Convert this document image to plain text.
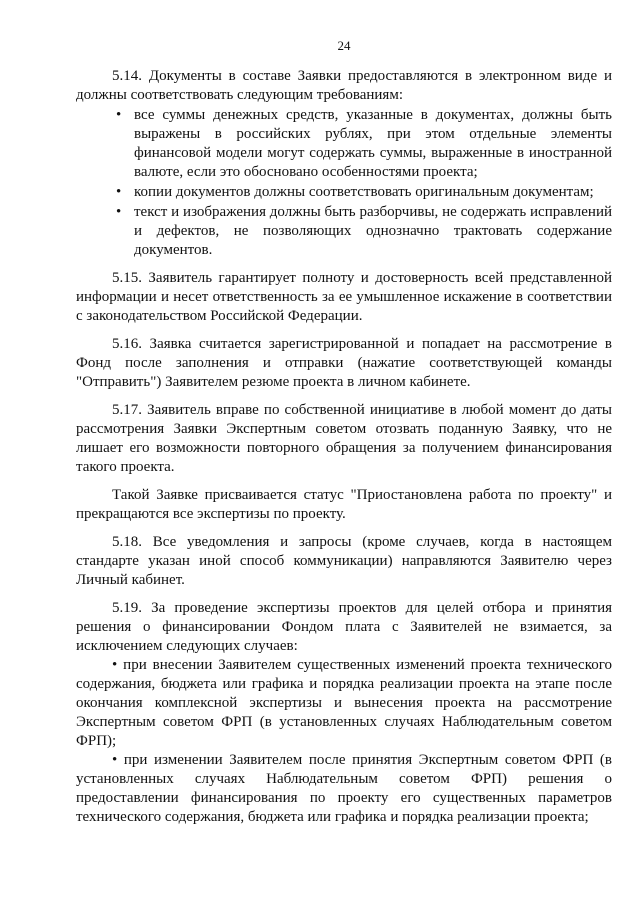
24

5.14. Документы в составе Заявки предоставляются в электронном виде и должны соответствовать следующим требованиям:

• все суммы денежных средств, указанные в документах, должны быть выражены в российских рублях, при этом отдельные элементы финансовой модели могут содержать суммы, выраженные в иностранной валюте, если это обосновано особенностями проекта;
• копии документов должны соответствовать оригинальным документам;
• текст и изображения должны быть разборчивы, не содержать исправлений и дефектов, не позволяющих однозначно трактовать содержание документов.

5.15. Заявитель гарантирует полноту и достоверность всей представленной информации и несет ответственность за ее умышленное искажение в соответствии с законодательством Российской Федерации.

5.16. Заявка считается зарегистрированной и попадает на рассмотрение в Фонд после заполнения и отправки (нажатие соответствующей команды "Отправить") Заявителем резюме проекта в личном кабинете.

5.17. Заявитель вправе по собственной инициативе в любой момент до даты рассмотрения Заявки Экспертным советом отозвать поданную Заявку, что не лишает его возможности повторного обращения за получением финансирования такого проекта.

Такой Заявке присваивается статус "Приостановлена работа по проекту" и прекращаются все экспертизы по проекту.

5.18. Все уведомления и запросы (кроме случаев, когда в настоящем стандарте указан иной способ коммуникации) направляются Заявителю через Личный кабинет.

5.19. За проведение экспертизы проектов для целей отбора и принятия решения о финансировании Фондом плата с Заявителей не взимается, за исключением следующих случаев:

• при внесении Заявителем существенных изменений проекта технического содержания, бюджета или графика и порядка реализации проекта на этапе после окончания комплексной экспертизы и вынесения проекта на рассмотрение Экспертным советом ФРП (в установленных случаях Наблюдательным советом ФРП);

• при изменении Заявителем после принятия Экспертным советом ФРП (в установленных случаях Наблюдательным советом ФРП) решения о предоставлении финансирования по проекту его существенных параметров технического содержания, бюджета или графика и порядка реализации проекта;
